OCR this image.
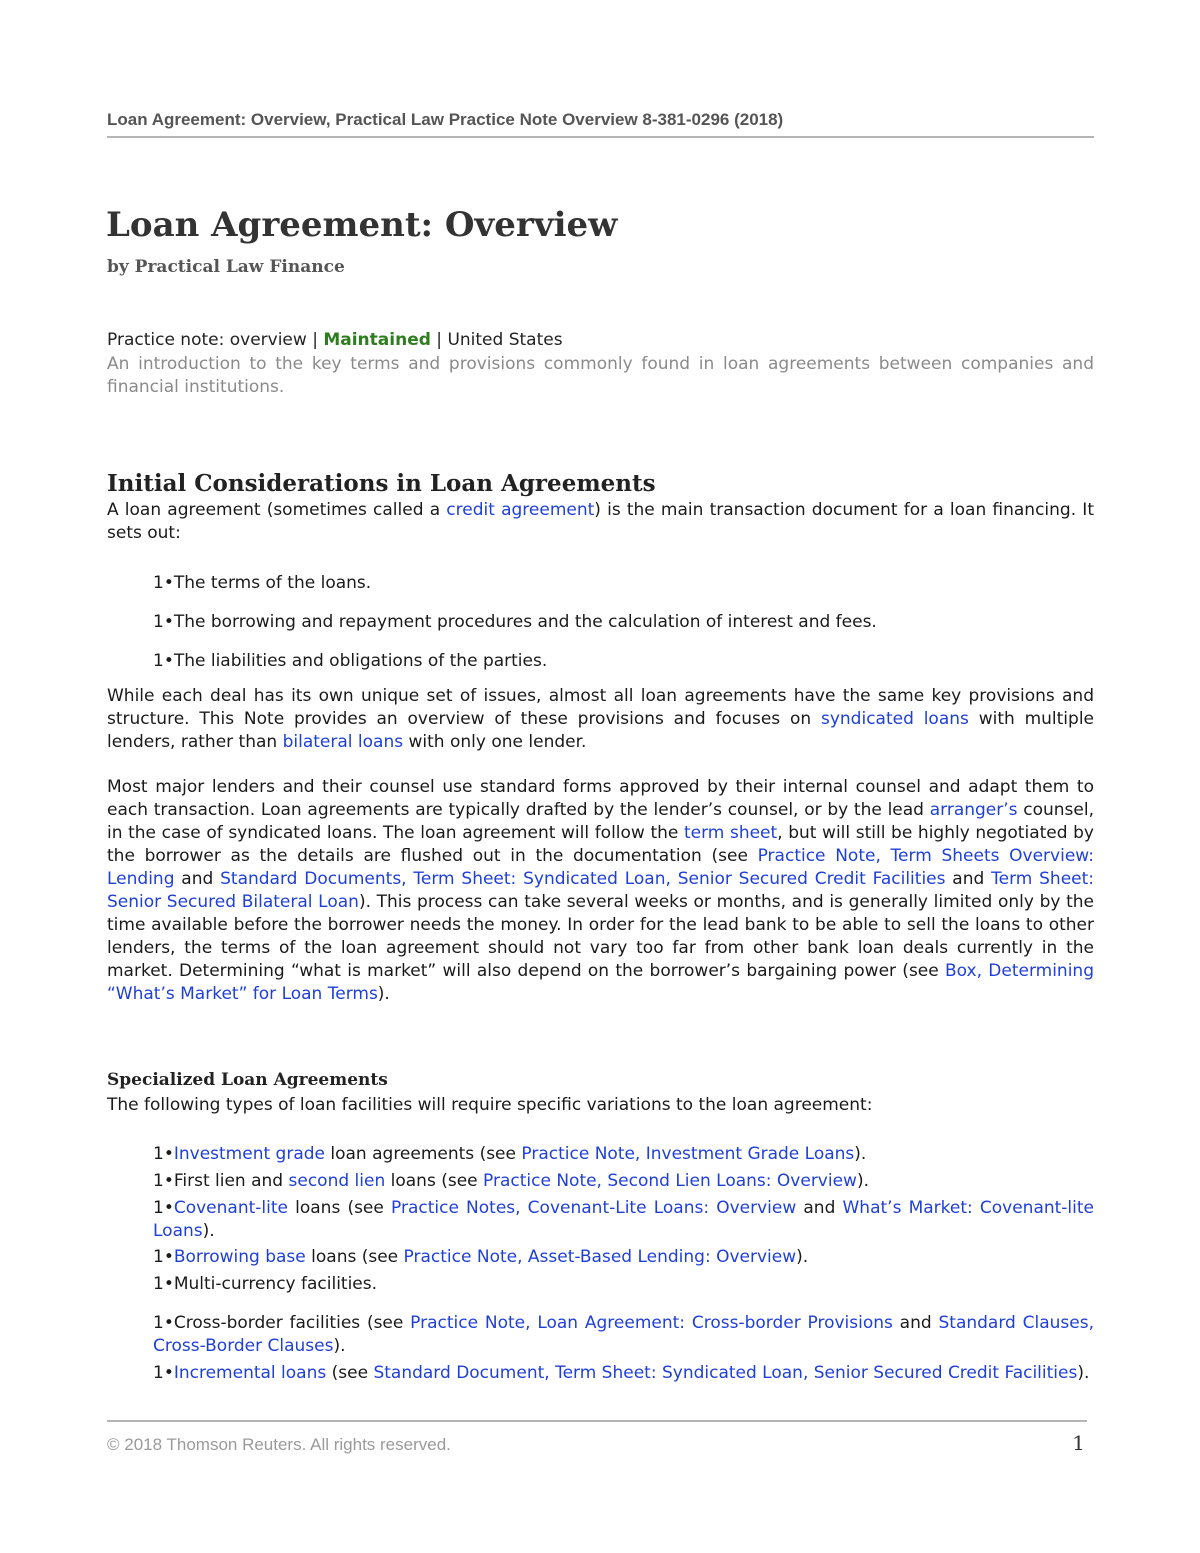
Loan Agreement: Overview, Practical Law Practice Note Overview 8-381-0296 (2018)
Loan Agreement: Overview
by Practical Law Finance
Practice note: overview | Maintained | United States

An introduction to the key terms and provisions commonly found in loan agreements between companies and financial institutions.

Initial Considerations in Loan Agreements

A loan agreement (sometimes called a credit agreement) is the main transaction document for a loan financing. It sets out:

1•The terms of the loans.

1•The borrowing and repayment procedures and the calculation of interest and fees.

1•The liabilities and obligations of the parties.

While each deal has its own unique set of issues, almost all loan agreements have the same key provisions and structure. This Note provides an overview of these provisions and focuses on syndicated loans with multiple lenders, rather than bilateral loans with only one lender.

Most major lenders and their counsel use standard forms approved by their internal counsel and adapt them to each transaction. Loan agreements are typically drafted by the lender’s counsel, or by the lead arranger’s counsel, in the case of syndicated loans. The loan agreement will follow the term sheet, but will still be highly negotiated by the borrower as the details are flushed out in the documentation (see Practice Note, Term Sheets Overview: Lending and Standard Documents, Term Sheet: Syndicated Loan, Senior Secured Credit Facilities and Term Sheet: Senior Secured Bilateral Loan). This process can take several weeks or months, and is generally limited only by the time available before the borrower needs the money. In order for the lead bank to be able to sell the loans to other lenders, the terms of the loan agreement should not vary too far from other bank loan deals currently in the market. Determining “what is market” will also depend on the borrower’s bargaining power (see Box, Determining “What’s Market” for Loan Terms).

Specialized Loan Agreements

The following types of loan facilities will require specific variations to the loan agreement:

1•Investment grade loan agreements (see Practice Note, Investment Grade Loans).

1•First lien and second lien loans (see Practice Note, Second Lien Loans: Overview).

1•Covenant-lite loans (see Practice Notes, Covenant-Lite Loans: Overview and What’s Market: Covenant-lite Loans).

1•Borrowing base loans (see Practice Note, Asset-Based Lending: Overview).

1•Multi-currency facilities.

1•Cross-border facilities (see Practice Note, Loan Agreement: Cross-border Provisions and Standard Clauses, Cross-Border Clauses).

1•Incremental loans (see Standard Document, Term Sheet: Syndicated Loan, Senior Secured Credit Facilities).

© 2018 Thomson Reuters. All rights reserved.	1
